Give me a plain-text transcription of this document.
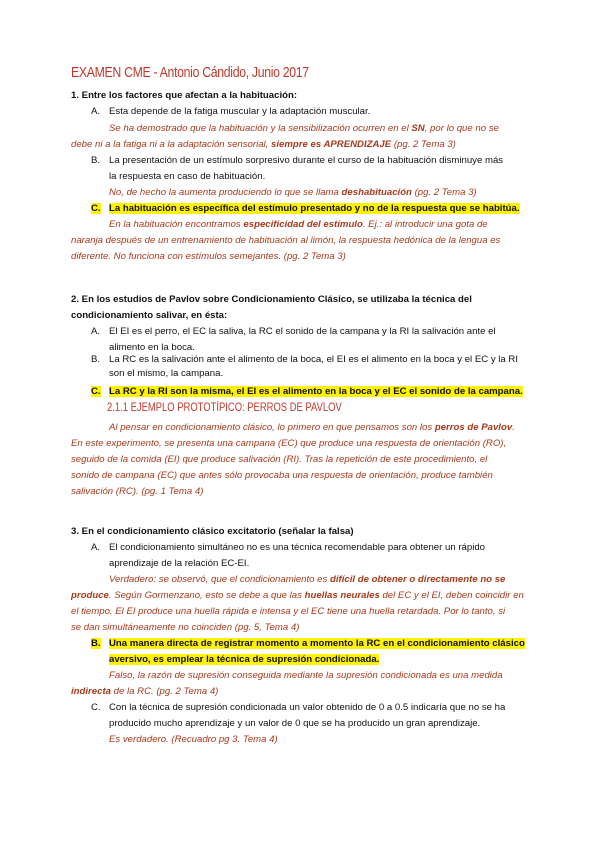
EXAMEN CME - Antonio Cándido, Junio 2017
1. Entre los factores que afectan a la habituación:
A. Esta depende de la fatiga muscular y la adaptación muscular.
Se ha demostrado que la habituación y la sensibilización ocurren en el SN, por lo que no se
debe ni a la fatiga ni a la adaptación sensorial, siempre es APRENDIZAJE (pg. 2 Tema 3)
B. La presentación de un estímulo sorpresivo durante el curso de la habituación disminuye más
la respuesta en caso de habituación.
No, de hecho la aumenta produciendo lo que se llama deshabituación (pg. 2 Tema 3)
C. La habituación es específica del estímulo presentado y no de la respuesta que se habitúa.
En la habituación encontramos especificidad del estímulo. Ej.: al introducir una gota de
naranja después de un entrenamiento de habituación al limón, la respuesta hedónica de la lengua es
diferente. No funciona con estímulos semejantes. (pg. 2 Tema 3)
2. En los estudios de Pavlov sobre Condicionamiento Clásico, se utilizaba la técnica del
condicionamiento salivar, en ésta:
A. El EI es el perro, el EC la saliva, la RC el sonido de la campana y la RI la salivación ante el
alimento en la boca.
B. La RC es la salivación ante el alimento de la boca, el EI es el alimento en la boca y el EC y la RI
son el mismo, la campana.
C. La RC y la RI son la misma, el EI es el alimento en la boca y el EC el sonido de la campana.
2.1.1 EJEMPLO PROTOTÍPICO: PERROS DE PAVLOV
Al pensar en condicionamiento clásico, lo primero en que pensamos son los perros de Pavlov.
En este experimento, se presenta una campana (EC) que produce una respuesta de orientación (RO),
seguido de la comida (EI) que produce salivación (RI). Tras la repetición de este procedimiento, el
sonido de campana (EC) que antes sólo provocaba una respuesta de orientación, produce también
salivación (RC). (pg. 1 Tema 4)
3. En el condicionamiento clásico excitatorio (señalar la falsa)
A. El condicionamiento simultáneo no es una técnica recomendable para obtener un rápido
aprendizaje de la relación EC-EI.
Verdadero: se observó, que el condicionamiento es difícil de obtener o directamente no se
produce. Según Gormenzano, esto se debe a que las huellas neurales del EC y el EI, deben coincidir en
el tiempo. El EI produce una huella rápida e intensa y el EC tiene una huella retardada. Por lo tanto, si
se dan simultáneamente no coinciden (pg. 5, Tema 4)
B. Una manera directa de registrar momento a momento la RC en el condicionamiento clásico
aversivo, es emplear la técnica de supresión condicionada.
Falso, la razón de supresión conseguida mediante la supresión condicionada es una medida
indirecta de la RC. (pg. 2 Tema 4)
C. Con la técnica de supresión condicionada un valor obtenido de 0 a 0.5 indicaría que no se ha
producido mucho aprendizaje y un valor de 0 que se ha producido un gran aprendizaje.
Es verdadero. (Recuadro pg 3. Tema 4)
